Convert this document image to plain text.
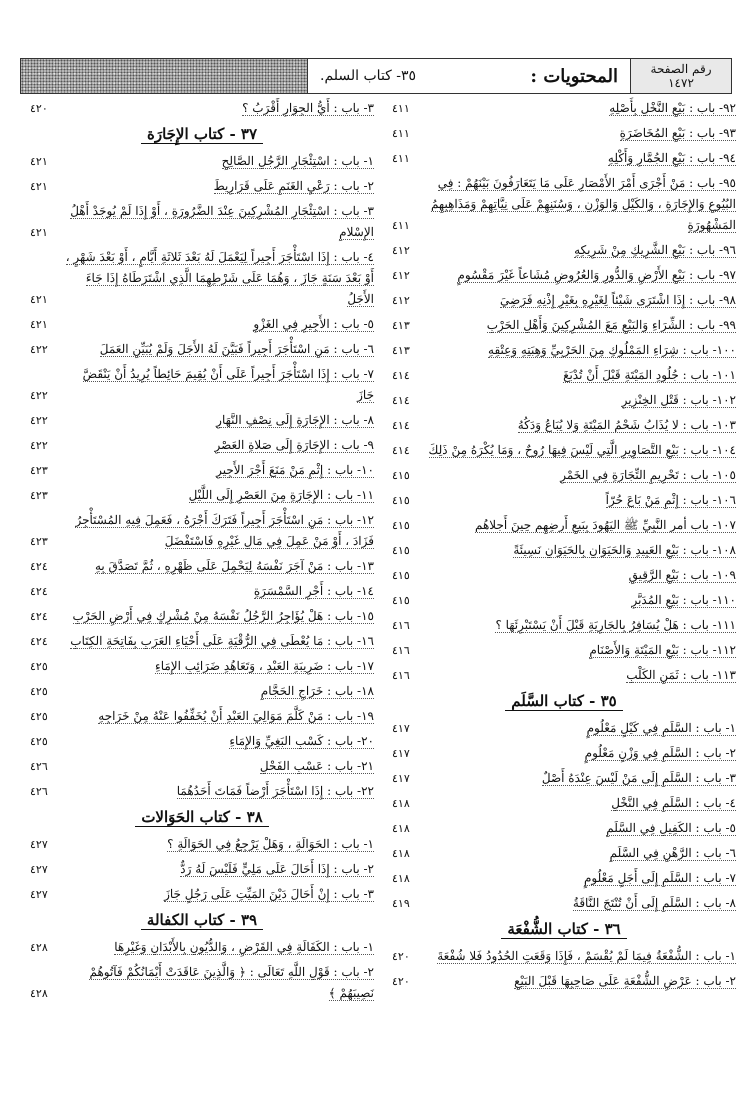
رقم الصفحة
١٤٧٢
المحتويات :
٣٥- كتاب السلم.
٩٢- باب : بَيْعِ النَّخْلِ بِأَصْلِهِ
٤١١
٩٣- باب : بَيْعِ المُخَاضَرَةِ
٤١١
٩٤- باب : بَيْعِ الجُمَّارِ وَأَكْلِهِ
٤١١
٩٥- باب : مَنْ أَجْرَى أَمْرَ الأَمْصَارِ عَلَى مَا يَتَعَارَفُونَ بَيْنَهُمْ : فِي البُيُوعِ وَالإِجَارَةِ ، وَالكَيْلِ وَالوَزْنِ ، وَسُنَنِهِمْ عَلَى نِيَّاتِهِمْ وَمَذَاهِبِهِمُ المَشْهُورَةِ
٤١١
٩٦- باب : بَيْعِ الشَّرِيكِ مِنْ شَرِيكِهِ
٤١٢
٩٧- باب : بَيْعِ الأَرْضِ وَالدُّورِ وَالعُرُوضِ مُشَاعاً غَيْرَ مَقْسُومٍ
٤١٢
٩٨- باب : إِذَا اشْتَرَى شَيْئاً لِغَيْرِهِ بِغَيْرِ إِذْنِهِ فَرَضِيَ
٤١٢
٩٩- باب : الشِّرَاءِ وَالبَيْعِ مَعَ المُشْرِكِينَ وَأَهْلِ الحَرْبِ
٤١٣
١٠٠- باب : شِرَاءِ المَمْلُوكِ مِنَ الحَرْبِيِّ وَهِبَتِهِ وَعِتْقِهِ
٤١٣
١٠١- باب : جُلُودِ المَيْتَةِ قَبْلَ أَنْ تُدْبَغَ
٤١٤
١٠٢- باب : قَتْلِ الخِنْزِيرِ
٤١٤
١٠٣- باب : لا يُذَابُ شَحْمُ المَيْتَةِ وَلا يُبَاعُ وَدَكُهُ
٤١٤
١٠٤- باب : بَيْعِ التَّصَاوِيرِ الَّتِي لَيْسَ فِيهَا رُوحٌ ، وَمَا يُكْرَهُ مِنْ ذَلِكَ
٤١٤
١٠٥- باب : تَحْرِيمِ التِّجَارَةِ فِي الخَمْرِ
٤١٥
١٠٦- باب : إِثْمِ مَنْ بَاعَ حُرّاً
٤١٥
١٠٧- باب أمر النَّبِيِّ ﷺ اليَهُودَ بِبَيعِ أَرضِهِم حِينَ أَجلاهُم
٤١٥
١٠٨- باب : بَيْعِ العَبِيدِ وَالحَيَوَانِ بِالحَيَوَانِ نَسِيئَةً
٤١٥
١٠٩- باب : بَيْعِ الرَّقِيقِ
٤١٥
١١٠- باب : بَيْعِ المُدَبَّرِ
٤١٥
١١١- باب : هَلْ يُسَافِرُ بِالجَارِيَةِ قَبْلَ أَنْ يَسْتَبْرِئَهَا ؟
٤١٦
١١٢- باب : بَيْعِ المَيْتَةِ وَالأَصْنَامِ
٤١٦
١١٣- باب : ثَمَنِ الكَلْبِ
٤١٦
٣٥ - كتاب السَّلَم
١- باب : السَّلَمِ فِي كَيْلٍ مَعْلُومٍ
٤١٧
٢- باب : السَّلَمِ فِي وَزْنٍ مَعْلُومٍ
٤١٧
٣- باب : السَّلَمِ إِلَى مَنْ لَيْسَ عِنْدَهُ أَصْلٌ
٤١٧
٤- باب : السَّلَمِ فِي النَّخْلِ
٤١٨
٥- باب : الكَفِيلِ فِي السَّلَمِ
٤١٨
٦- باب : الرَّهْنِ فِي السَّلَمِ
٤١٨
٧- باب : السَّلَمِ إِلَى أَجَلٍ مَعْلُومٍ
٤١٨
٨- باب : السَّلَمِ إِلَى أَنْ تُنْتَجَ النَّاقَةُ
٤١٩
٣٦ - كتاب الشُّفْعَة
١- باب : الشُّفْعَةُ فِيمَا لَمْ يُقْسَمْ ، فَإِذَا وَقَعَتِ الحُدُودُ فَلا شُفْعَةَ
٤٢٠
٢- باب : عَرْضِ الشُّفْعَةِ عَلَى صَاحِبِهَا قَبْلَ البَيْعِ
٤٢٠
٣- باب : أَيُّ الجِوَارِ أَقْرَبُ ؟
٤٢٠
٣٧ - كتاب الإِجَارَة
١- باب : اسْتِئْجَارِ الرَّجُلِ الصَّالِحِ
٤٢١
٢- باب : رَعْيِ الغَنَمِ عَلَى قَرَارِيطَ
٤٢١
٣- باب : اسْتِئْجَارِ المُشْرِكِينَ عِنْدَ الضَّرُورَةِ ، أَوْ إِذَا لَمْ يُوجَدْ أَهْلُ الإِسْلامِ
٤٢١
٤- باب : إِذَا اسْتَأْجَرَ أَجِيراً لِيَعْمَلَ لَهُ بَعْدَ ثَلاثَةِ أَيَّامٍ ، أَوْ بَعْدَ شَهْرٍ ، أَوْ بَعْدَ سَنَةٍ جَازَ ، وَهُمَا عَلَى شَرْطِهِمَا الَّذِي اشْتَرَطَاهُ إِذَا جَاءَ الأَجَلُ
٤٢١
٥- باب : الأَجِيرِ فِي الغَزْوِ
٤٢١
٦- باب : مَنِ اسْتَأْجَرَ أَجِيراً فَبَيَّنَ لَهُ الأَجَلَ وَلَمْ يُبَيِّنِ العَمَلَ
٤٢٢
٧- باب : إِذَا اسْتَأْجَرَ أَجِيراً عَلَى أَنْ يُقِيمَ حَائِطاً يُرِيدُ أَنْ يَنْقَضَّ جَازَ
٤٢٢
٨- باب : الإِجَارَةِ إِلَى نِصْفِ النَّهَارِ
٤٢٢
٩- باب : الإِجَارَةِ إِلَى صَلاةِ العَصْرِ
٤٢٢
١٠- باب : إِثْمِ مَنْ مَنَعَ أَجْرَ الأَجِيرِ
٤٢٣
١١- باب : الإِجَارَةِ مِنَ العَصْرِ إِلَى اللَّيْلِ
٤٢٣
١٢- باب : مَنِ اسْتَأْجَرَ أَجِيراً فَتَرَكَ أَجْرَهُ ، فَعَمِلَ فِيهِ المُسْتَأْجِرُ فَزَادَ ، أَوْ مَنْ عَمِلَ فِي مَالِ غَيْرِهِ فَاسْتَفْضَلَ
٤٢٣
١٣- باب : مَنْ آجَرَ نَفْسَهُ لِيَحْمِلَ عَلَى ظَهْرِهِ ، ثُمَّ تَصَدَّقَ بِهِ
٤٢٤
١٤- باب : أَجْرِ السَّمْسَرَةِ
٤٢٤
١٥- باب : هَلْ يُؤَاجِرُ الرَّجُلُ نَفْسَهُ مِنْ مُشْرِكٍ فِي أَرْضِ الحَرْبِ
٤٢٤
١٦- باب : مَا يُعْطَى فِي الرُّقْيَةِ عَلَى أَحْيَاءِ العَرَبِ بِفَاتِحَةِ الكِتَابِ
٤٢٤
١٧- باب : ضَرِيبَةِ العَبْدِ ، وَتَعَاهُدِ ضَرَائِبِ الإِمَاءِ
٤٢٥
١٨- باب : خَرَاجِ الحَجَّامِ
٤٢٥
١٩- باب : مَنْ كَلَّمَ مَوَالِيَ العَبْدِ أَنْ يُخَفِّفُوا عَنْهُ مِنْ خَرَاجِهِ
٤٢٥
٢٠- باب : كَسْبِ البَغِيِّ وَالإِمَاءِ
٤٢٥
٢١- باب : عَسْبِ الفَحْلِ
٤٢٦
٢٢- باب : إِذَا اسْتَأْجَرَ أَرْضاً فَمَاتَ أَحَدُهُمَا
٤٢٦
٣٨ - كتاب الحَوَالات
١- باب : الحَوَالَةِ ، وَهَلْ يَرْجِعُ فِي الحَوَالَةِ ؟
٤٢٧
٢- باب : إِذَا أَحَالَ عَلَى مَلِيٍّ فَلَيْسَ لَهُ رَدٌّ
٤٢٧
٣- باب : إِنْ أَحَالَ دَيْنَ المَيِّتِ عَلَى رَجُلٍ جَازَ
٤٢٧
٣٩ - كتاب الكفالة
١- باب : الكَفَالَةِ فِي القَرْضِ ، وَالدُّيُونِ بِالأَبْدَانِ وَغَيْرِهَا
٤٢٨
٢- باب : قَوْلِ اللَّهِ تَعَالَى : ﴿ وَالَّذِينَ عَاقَدَتْ أَيْمَانُكُمْ فَآتُوهُمْ نَصِيبَهُمْ ﴾
٤٢٨
